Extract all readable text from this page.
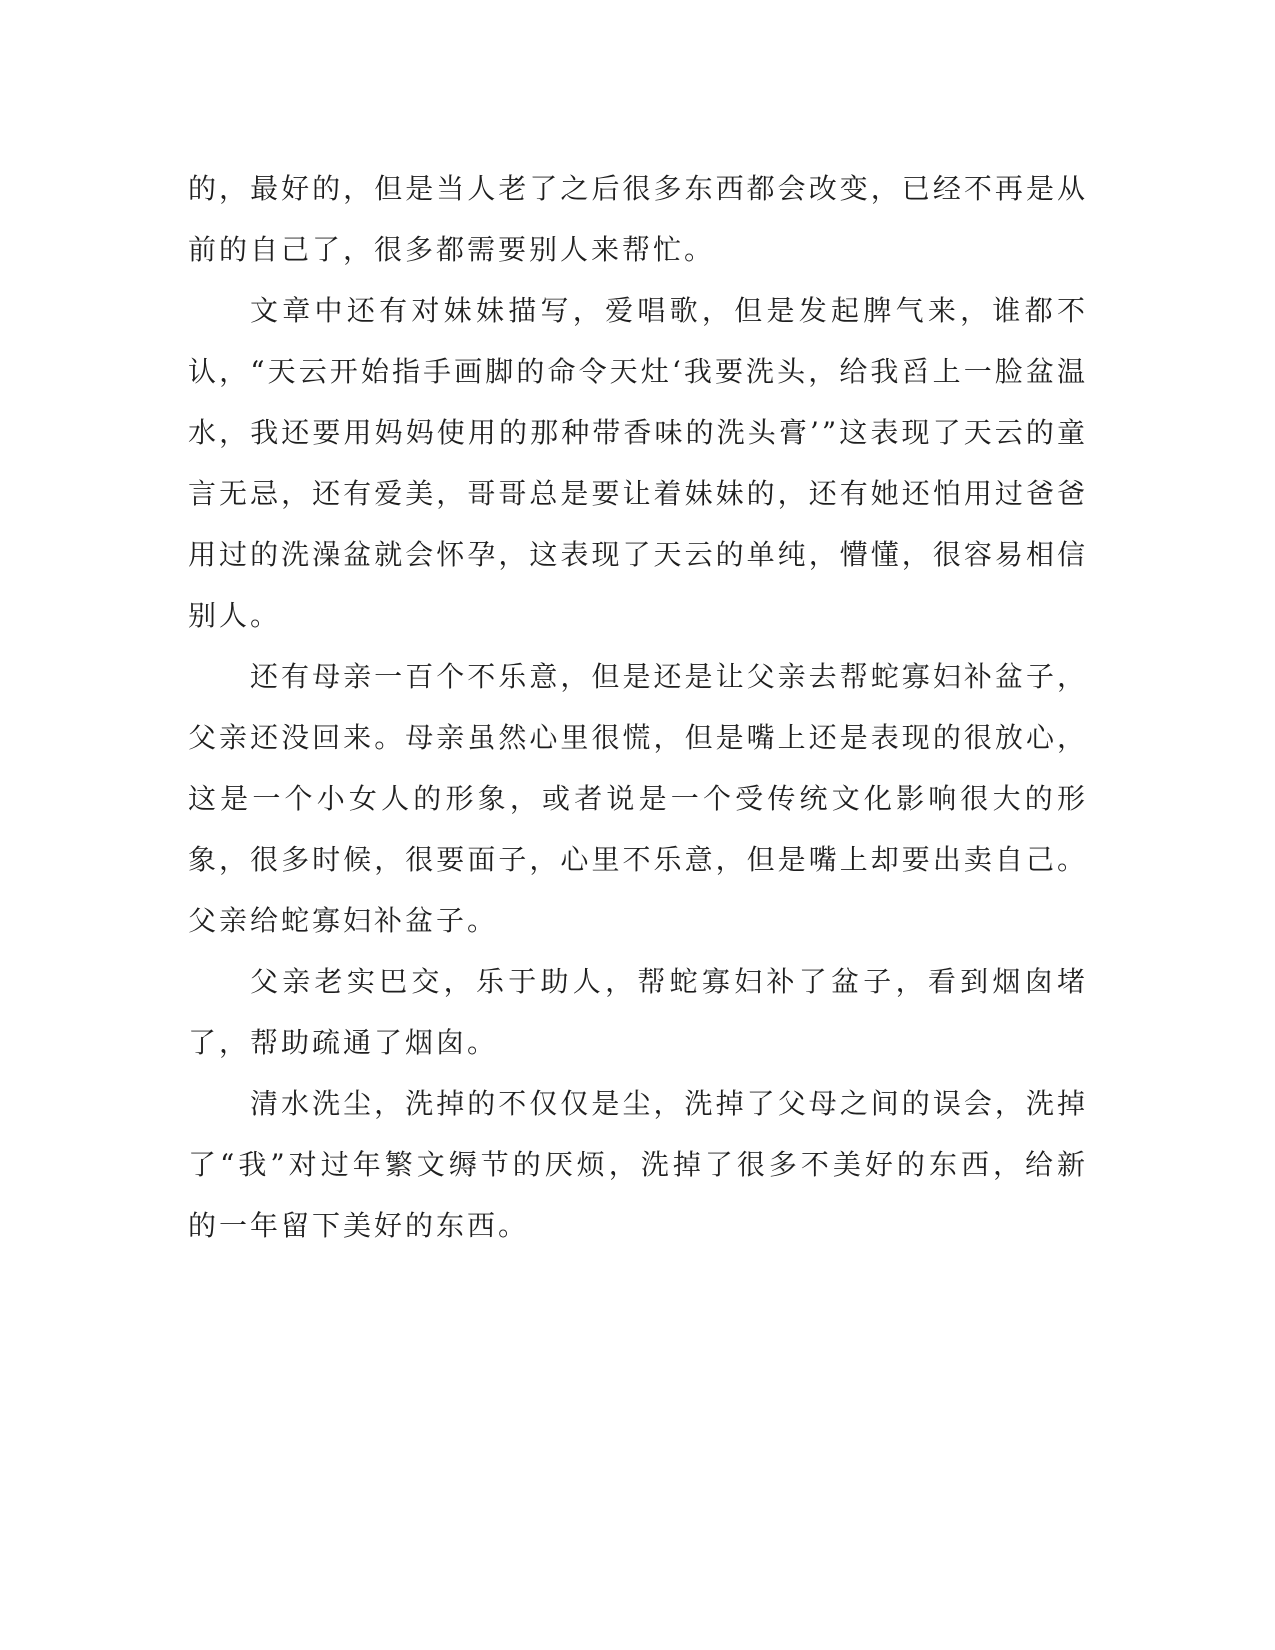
的，最好的，但是当人老了之后很多东西都会改变，已经不再是从前的自己了，很多都需要别人来帮忙。

文章中还有对妹妹描写，爱唱歌，但是发起脾气来，谁都不认，“天云开始指手画脚的命令天灶‘我要洗头，给我舀上一脸盆温水，我还要用妈妈使用的那种带香味的洗头膏’”这表现了天云的童言无忌，还有爱美，哥哥总是要让着妹妹的，还有她还怕用过爸爸用过的洗澡盆就会怀孕，这表现了天云的单纯，懵懂，很容易相信别人。

还有母亲一百个不乐意，但是还是让父亲去帮蛇寡妇补盆子，父亲还没回来。母亲虽然心里很慌，但是嘴上还是表现的很放心，这是一个小女人的形象，或者说是一个受传统文化影响很大的形象，很多时候，很要面子，心里不乐意，但是嘴上却要出卖自己。父亲给蛇寡妇补盆子。

父亲老实巴交，乐于助人，帮蛇寡妇补了盆子，看到烟囱堵了，帮助疏通了烟囱。

清水洗尘，洗掉的不仅仅是尘，洗掉了父母之间的误会，洗掉了“我”对过年繁文缛节的厌烦，洗掉了很多不美好的东西，给新的一年留下美好的东西。
